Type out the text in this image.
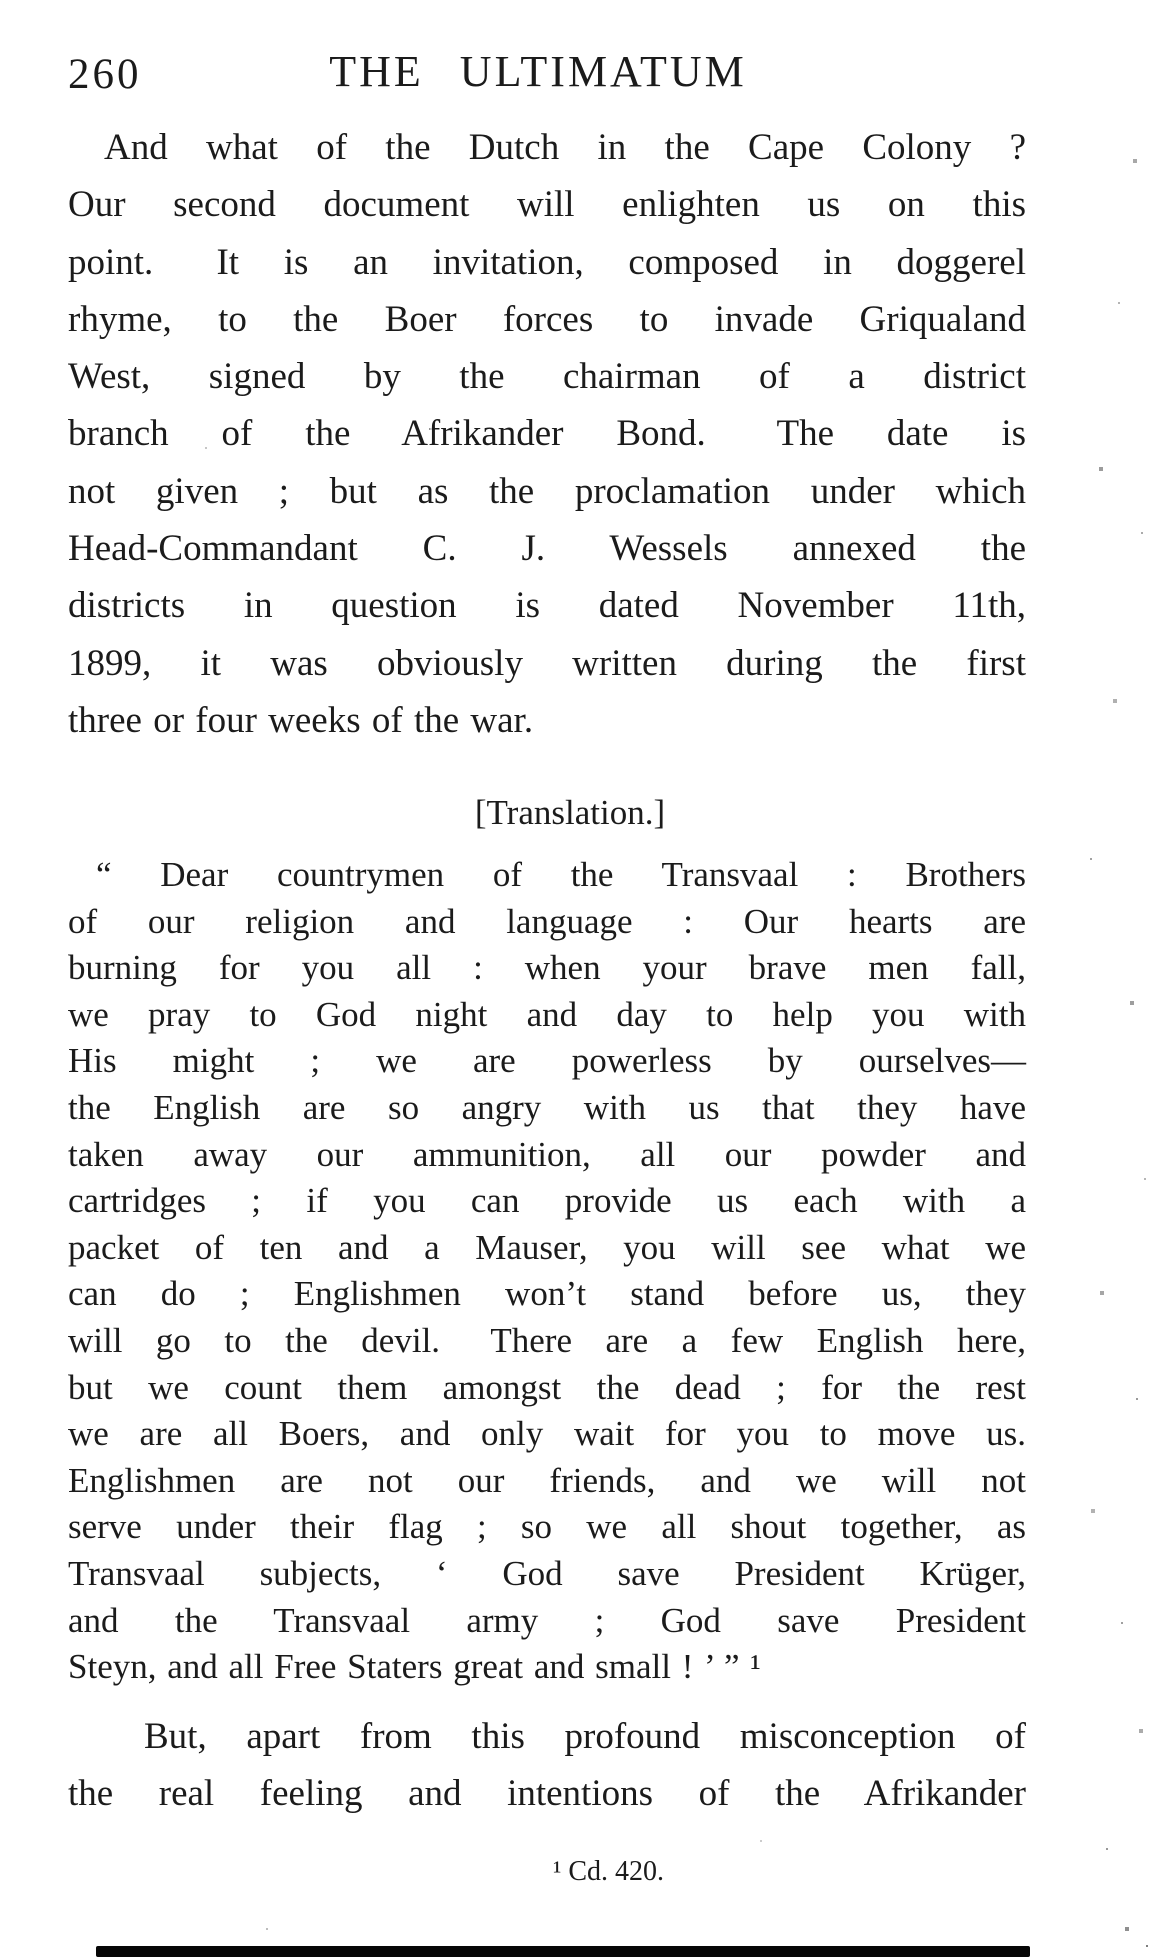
260	THE ULTIMATUM
And what of the Dutch in the Cape Colony ?
Our second document will enlighten us on this
point.  It is an invitation, composed in doggerel
rhyme, to the Boer forces to invade Griqualand
West, signed by the chairman of a district
branch of the Afrikander Bond.  The date is
not given ; but as the proclamation under which
Head-Commandant C. J. Wessels annexed the
districts in question is dated November 11th,
1899, it was obviously written during the first
three or four weeks of the war.
[Translation.]
“ Dear countrymen of the Transvaal : Brothers
of our religion and language : Our hearts are
burning for you all : when your brave men fall,
we pray to God night and day to help you with
His might ; we are powerless by ourselves—
the English are so angry with us that they have
taken away our ammunition, all our powder and
cartridges ; if you can provide us each with a
packet of ten and a Mauser, you will see what we
can do ; Englishmen won’t stand before us, they
will go to the devil.  There are a few English here,
but we count them amongst the dead ; for the rest
we are all Boers, and only wait for you to move us.
Englishmen are not our friends, and we will not
serve under their flag ; so we all shout together, as
Transvaal subjects, ‘ God save President Krüger,
and the Transvaal army ; God save President
Steyn, and all Free Staters great and small ! ’ ” ¹
But, apart from this profound misconception of
the real feeling and intentions of the Afrikander
¹ Cd. 420.
